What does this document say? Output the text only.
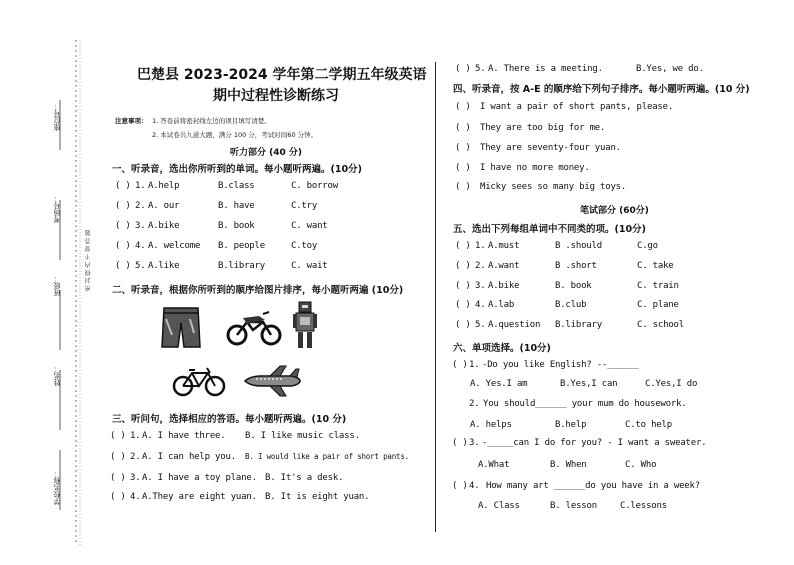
座位号：
考场号：
班级：
姓名：
学校名称：
密 封 线 内 不 要 答 题
巴楚县 2023-2024 学年第二学期五年级英语
期中过程性诊断练习
注意事项： 1. 答卷前将密封线左边的项目填写清楚。
2. 本试卷共九道大题，满分 100 分，考试时间60 分钟。
听力部分 (40 分)
一、听录音，选出你所听到的单词。每小题听两遍。(10分)
( ) 1. A.help	B.class	C. borrow
( ) 2. A. our	B. have	C.try
( ) 3. A.bike	B. book	C. want
( ) 4. A. welcome B. people	C.toy
( ) 5. A.like	B.library	C. wait
二、听录音，根据你所听到的顺序给图片排序，每小题听两遍 (10分)
三、听问句，选择相应的答语。每小题听两遍。(10 分)
( ) 1. A. I have three. B. I like music class.
( ) 2. A. I can help you. B. I would like a pair of short pants.
( ) 3. A. I have a toy plane. B. It's a desk.
( ) 4. A.They are eight yuan. B. It is eight yuan.
( ) 5. A. There is a meeting.	B.Yes, we do.
四、听录音，按 A-E 的顺序给下列句子排序。每小题听两遍。(10 分)
( ) I want a pair of short pants, please.
( ) They are too big for me.
( ) They are seventy-four yuan.
( ) I have no more money.
( ) Micky sees so many big toys.
笔试部分 (60分)
五、选出下列每组单词中不同类的项。(10分)
( ) 1. A.must	B .should	C.go
( ) 2. A.want	B .short	C. take
( ) 3. A.bike	B. book	C. train
( ) 4. A.lab	B.club	C. plane
( ) 5. A.question B.library	C. school
六、单项选择。(10分)
( ) 1. -Do you like English? --______
A. Yes.I am	B.Yes,I can	C.Yes,I do
2. You should______ your mum do housework.
A. helps	B.help	C.to help
( ) 3. -_____can I do for you? - I want a sweater.
A.What	B. When	C. Who
( ) 4. How many art ______do you have in a week?
A. Class	B. lesson	C.lessons
